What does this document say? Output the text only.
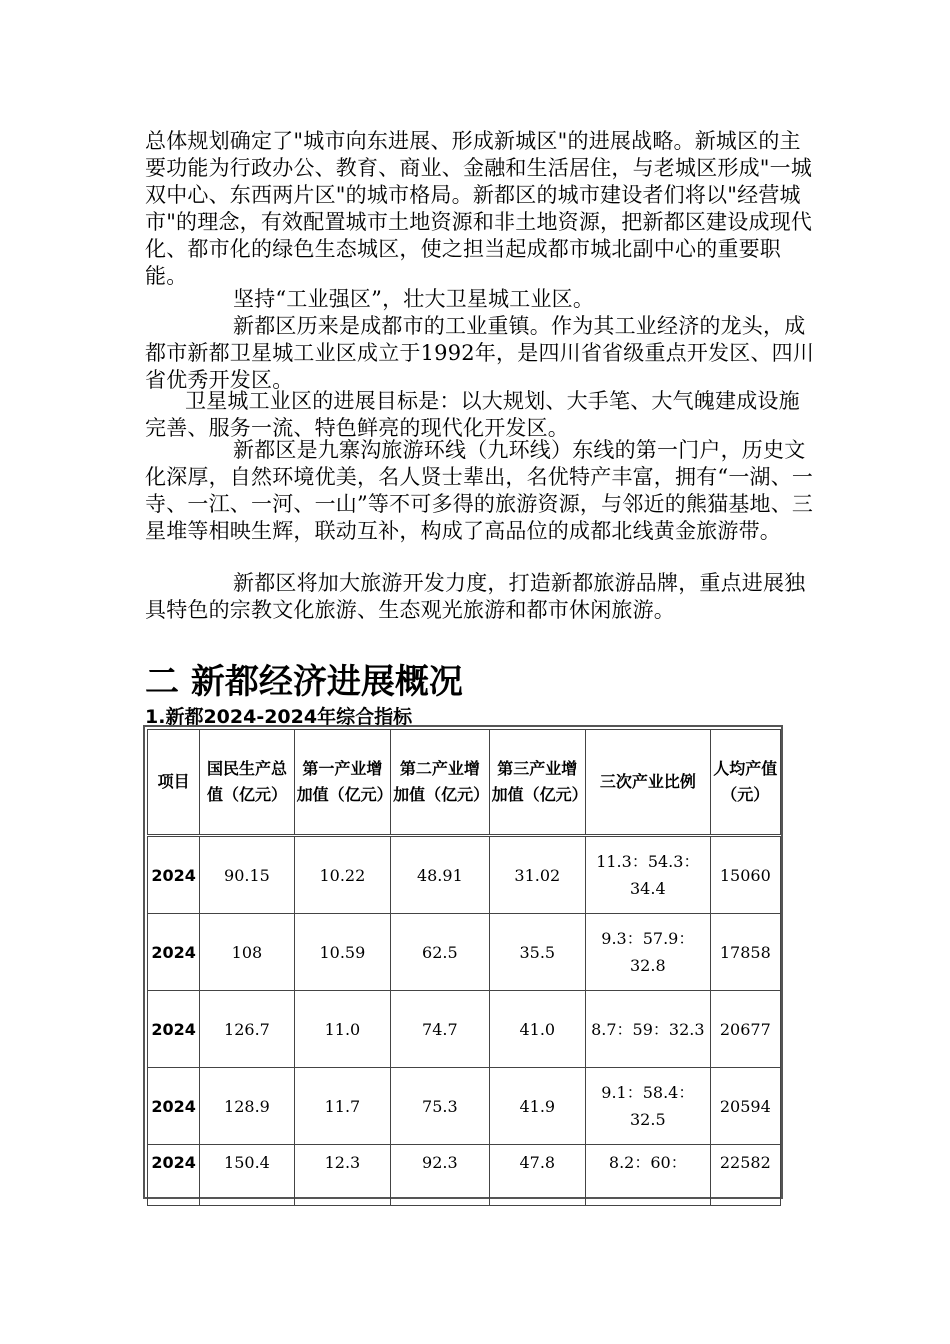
总体规划确定了"城市向东进展、形成新城区"的进展战略。新城区的主要功能为行政办公、教育、商业、金融和生活居住，与老城区形成"一城双中心、东西两片区"的城市格局。新都区的城市建设者们将以"经营城市"的理念，有效配置城市土地资源和非土地资源，把新都区建设成现代化、都市化的绿色生态城区，使之担当起成都市城北副中心的重要职能。
坚持“工业强区”，壮大卫星城工业区。
新都区历来是成都市的工业重镇。作为其工业经济的龙头，成都市新都卫星城工业区成立于1992年，是四川省省级重点开发区、四川省优秀开发区。
卫星城工业区的进展目标是：以大规划、大手笔、大气魄建成设施完善、服务一流、特色鲜亮的现代化开发区。
新都区是九寨沟旅游环线（九环线）东线的第一门户，历史文化深厚，自然环境优美，名人贤士辈出，名优特产丰富，拥有“一湖、一寺、一江、一河、一山”等不可多得的旅游资源，与邻近的熊猫基地、三星堆等相映生辉，联动互补，构成了高品位的成都北线黄金旅游带。
新都区将加大旅游开发力度，打造新都旅游品牌，重点进展独具特色的宗教文化旅游、生态观光旅游和都市休闲旅游。
二 新都经济进展概况
1.新都2024-2024年综合指标
项目	国民生产总值（亿元）	第一产业增加值（亿元）	第二产业增加值（亿元）	第三产业增加值（亿元）	三次产业比例	人均产值（元）
2024	90.15	10.22	48.91	31.02	11.3：54.3：34.4	15060
2024	108	10.59	62.5	35.5	9.3：57.9：32.8	17858
2024	126.7	11.0	74.7	41.0	8.7：59：32.3	20677
2024	128.9	11.7	75.3	41.9	9.1：58.4：32.5	20594
2024	150.4	12.3	92.3	47.8	8.2：60：	22582
